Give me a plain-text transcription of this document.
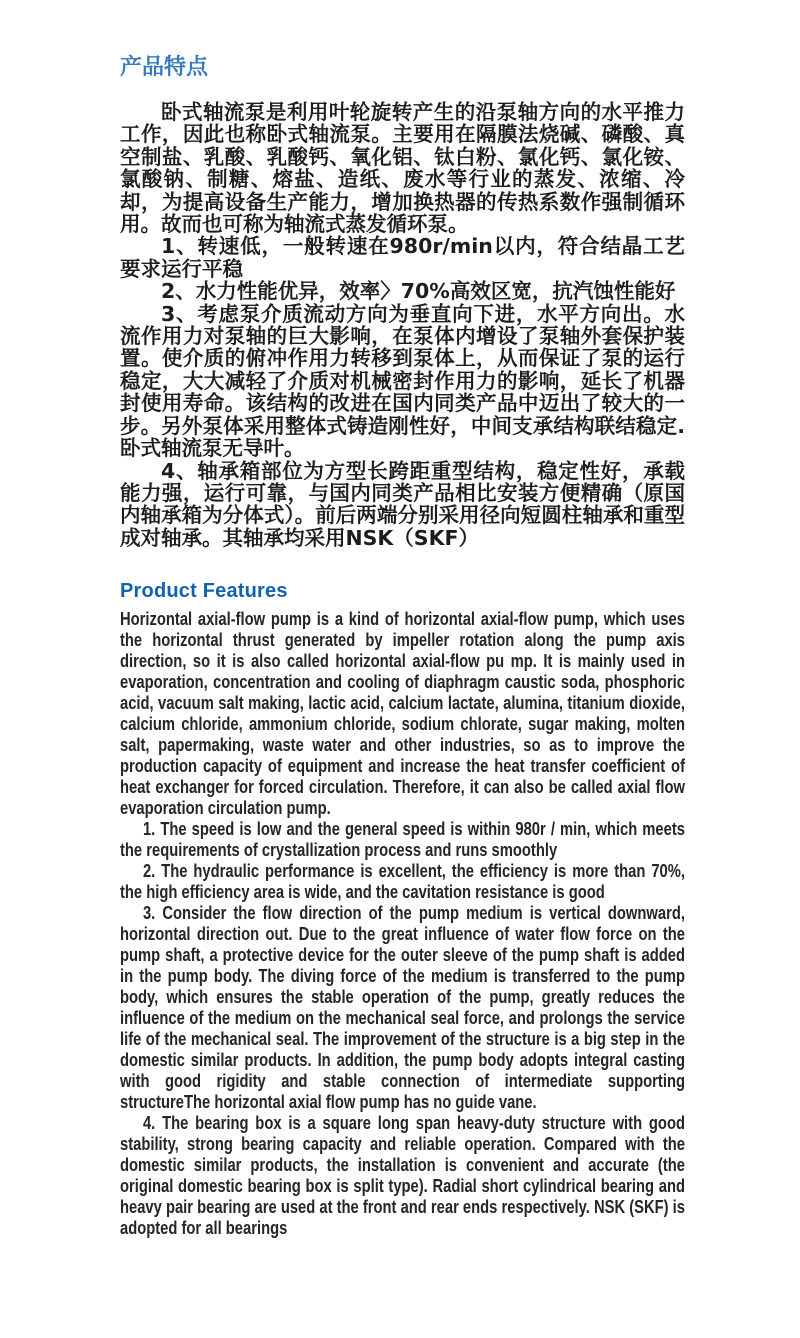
产品特点

卧式轴流泵是利用叶轮旋转产生的沿泵轴方向的水平推力工作，因此也称卧式轴流泵。主要用在隔膜法烧碱、磷酸、真空制盐、乳酸、乳酸钙、氧化铝、钛白粉、氯化钙、氯化铵、氯酸钠、制糖、熔盐、造纸、废水等行业的蒸发、浓缩、冷却，为提高设备生产能力，增加换热器的传热系数作强制循环用。故而也可称为轴流式蒸发循环泵。

1、转速低，一般转速在980r/min以内，符合结晶工艺要求运行平稳

2、水力性能优异，效率〉70%高效区宽，抗汽蚀性能好

3、考虑泵介质流动方向为垂直向下进，水平方向出。水流作用力对泵轴的巨大影响，在泵体内增设了泵轴外套保护装置。使介质的俯冲作用力转移到泵体上，从而保证了泵的运行稳定，大大减轻了介质对机械密封作用力的影响，延长了机器封使用寿命。该结构的改进在国内同类产品中迈出了较大的一步。另外泵体采用整体式铸造刚性好，中间支承结构联结稳定. 卧式轴流泵无导叶。

4、轴承箱部位为方型长跨距重型结构，稳定性好，承载能力强，运行可靠，与国内同类产品相比安装方便精确（原国内轴承箱为分体式）。前后两端分别采用径向短圆柱轴承和重型成对轴承。其轴承均采用NSK（SKF）

Product Features

Horizontal axial-flow pump is a kind of horizontal axial-flow pump, which uses the horizontal thrust generated by impeller rotation along the pump axis direction, so it is also called horizontal axial-flow pu mp. It is mainly used in evaporation, concentration and cooling of diaphragm caustic soda, phosphoric acid, vacuum salt making, lactic acid, calcium lactate, alumina, titanium dioxide, calcium chloride, ammonium chloride, sodium chlorate, sugar making, molten salt, papermaking, waste water and other industries, so as to improve the production capacity of equipment and increase the heat transfer coefficient of heat exchanger for forced circulation. Therefore, it can also be called axial flow evaporation circulation pump.

1. The speed is low and the general speed is within 980r / min, which meets the requirements of crystallization process and runs smoothly

2. The hydraulic performance is excellent, the efficiency is more than 70%, the high efficiency area is wide, and the cavitation resistance is good

3. Consider the flow direction of the pump medium is vertical downward, horizontal direction out. Due to the great influence of water flow force on the pump shaft, a protective device for the outer sleeve of the pump shaft is added in the pump body. The diving force of the medium is transferred to the pump body, which ensures the stable operation of the pump, greatly reduces the influence of the medium on the mechanical seal force, and prolongs the service life of the mechanical seal. The improvement of the structure is a big step in the domestic similar products. In addition, the pump body adopts integral casting with good rigidity and stable connection of intermediate supporting structureThe horizontal axial flow pump has no guide vane.

4. The bearing box is a square long span heavy-duty structure with good stability, strong bearing capacity and reliable operation. Compared with the domestic similar products, the installation is convenient and accurate (the original domestic bearing box is split type). Radial short cylindrical bearing and heavy pair bearing are used at the front and rear ends respectively. NSK (SKF) is adopted for all bearings
